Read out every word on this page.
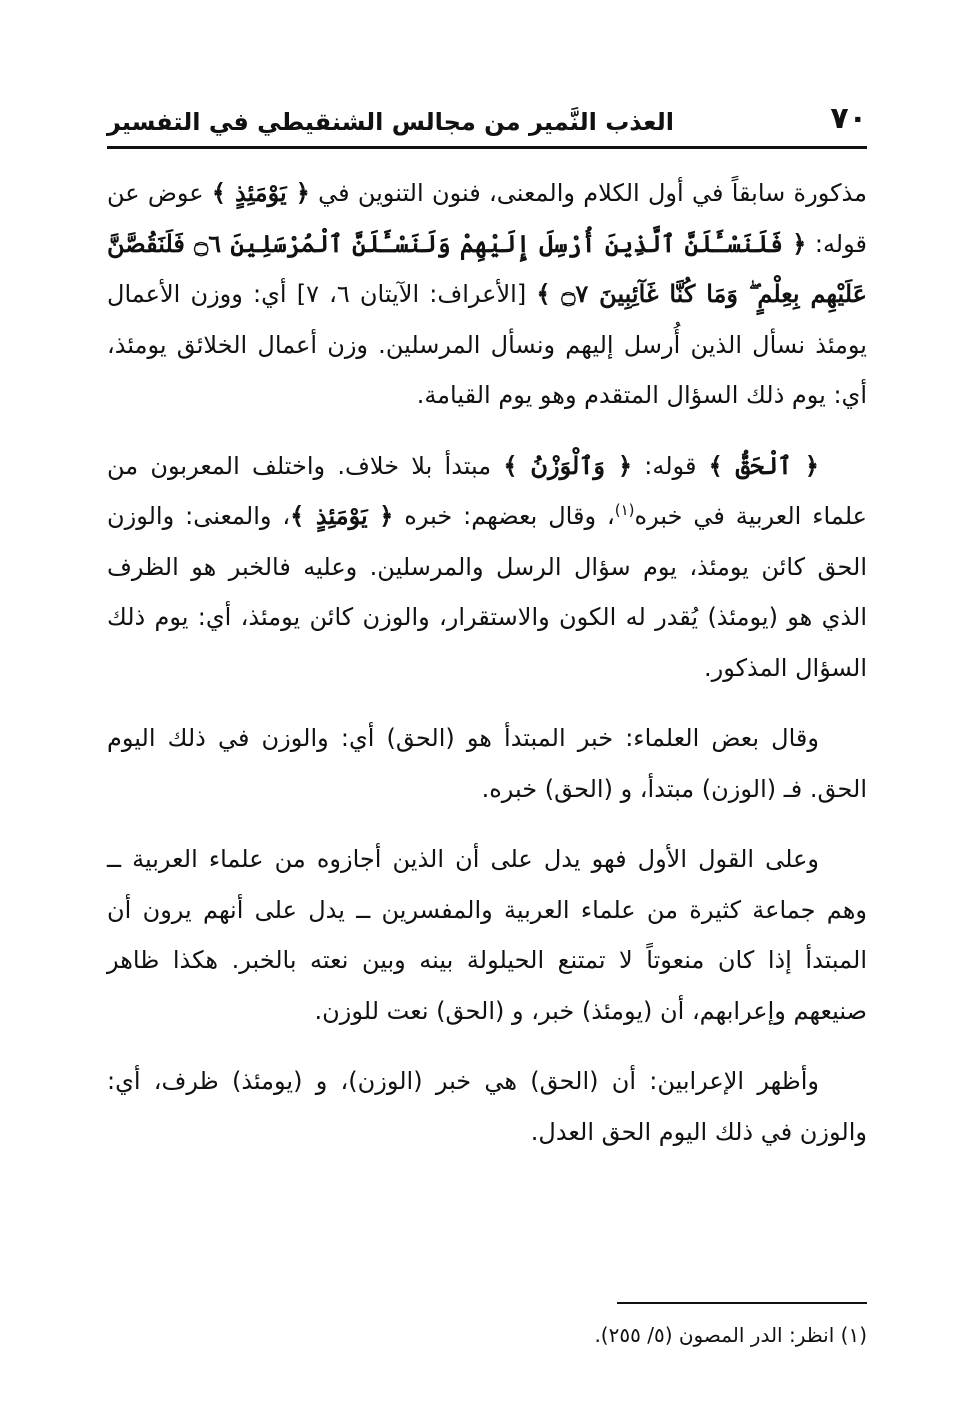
٧٠
العذب النَّمير من مجالس الشنقيطي في التفسير

مذكورة سابقاً في أول الكلام والمعنى، فنون التنوين في ﴿ يَوْمَئِذٍ ﴾ عوض عن قوله: ﴿ فَلَنَسْـَٔلَنَّ ٱلَّذِينَ أُرْسِلَ إِلَيْهِمْ وَلَنَسْـَٔلَنَّ ٱلْمُرْسَلِينَ ۝٦ فَلَنَقُصَّنَّ عَلَيْهِم بِعِلْمٍ ۖ وَمَا كُنَّا غَآئِبِينَ ۝٧ ﴾ [الأعراف: الآيتان ٦، ٧] أي: ووزن الأعمال يومئذ نسأل الذين أُرسل إليهم ونسأل المرسلين. وزن أعمال الخلائق يومئذ، أي: يوم ذلك السؤال المتقدم وهو يوم القيامة.

﴿ ٱلْحَقُّ ﴾ قوله: ﴿ وَٱلْوَزْنُ ﴾ مبتدأ بلا خلاف. واختلف المعربون من علماء العربية في خبره$^{(١)}$، وقال بعضهم: خبره ﴿ يَوْمَئِذٍ ﴾، والمعنى: والوزن الحق كائن يومئذ، يوم سؤال الرسل والمرسلين. وعليه فالخبر هو الظرف الذي هو (يومئذ) يُقدر له الكون والاستقرار، والوزن كائن يومئذ، أي: يوم ذلك السؤال المذكور.

وقال بعض العلماء: خبر المبتدأ هو (الحق) أي: والوزن في ذلك اليوم الحق. فـ (الوزن) مبتدأ، و (الحق) خبره.

وعلى القول الأول فهو يدل على أن الذين أجازوه من علماء العربية ــ وهم جماعة كثيرة من علماء العربية والمفسرين ــ يدل على أنهم يرون أن المبتدأ إذا كان منعوتاً لا تمتنع الحيلولة بينه وبين نعته بالخبر. هكذا ظاهر صنيعهم وإعرابهم، أن (يومئذ) خبر، و (الحق) نعت للوزن.

وأظهر الإعرابين: أن (الحق) هي خبر (الوزن)، و (يومئذ) ظرف، أي: والوزن في ذلك اليوم الحق العدل.

(١) انظر: الدر المصون (٥/ ٢٥٥).
